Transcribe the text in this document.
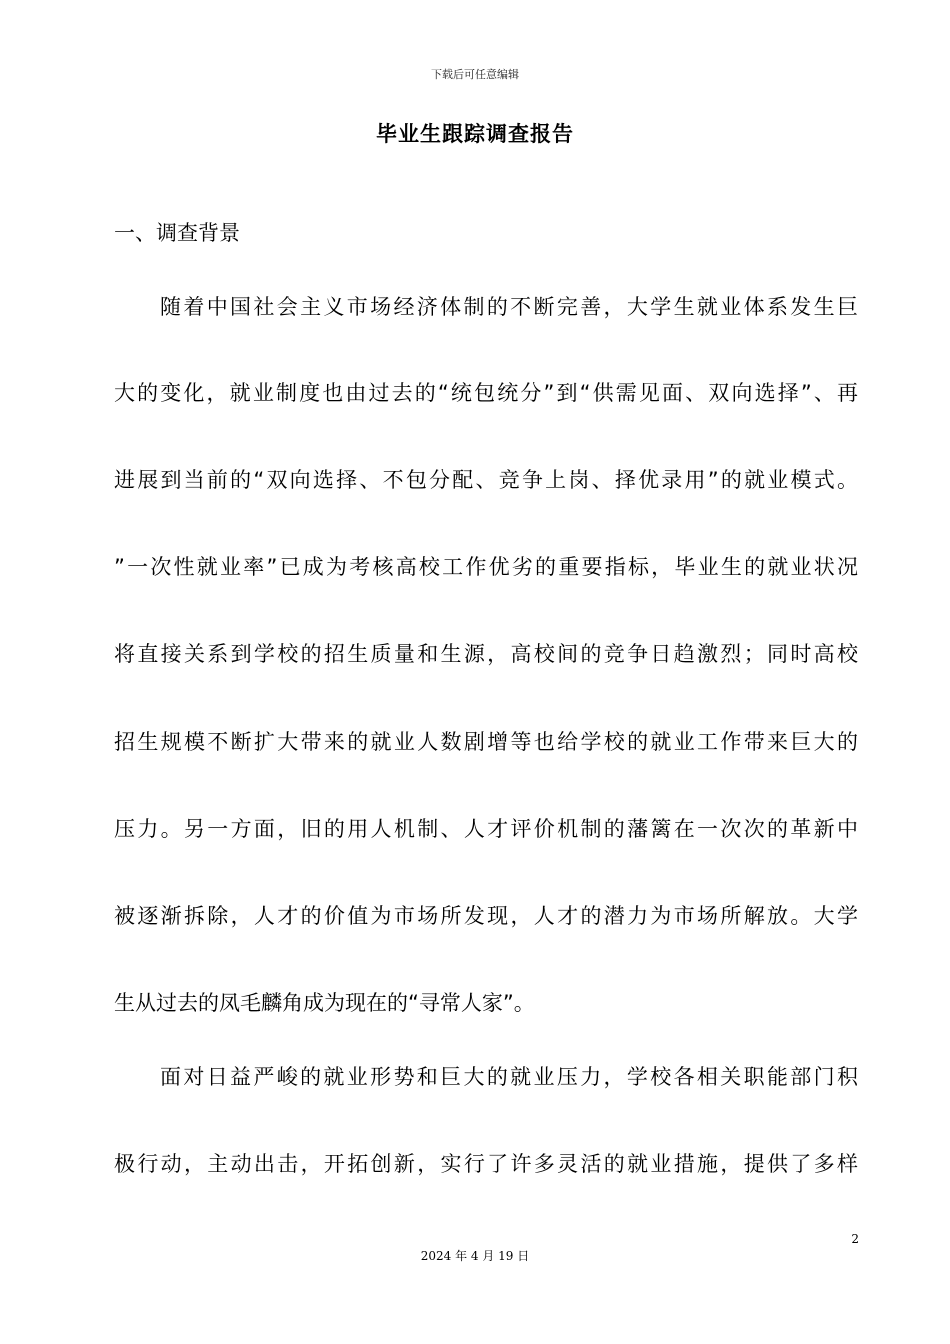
下载后可任意编辑
毕业生跟踪调查报告
一、调查背景
随着中国社会主义市场经济体制的不断完善，大学生就业体系发生巨
大的变化，就业制度也由过去的“统包统分”到“供需见面、双向选择”、再
进展到当前的“双向选择、不包分配、竞争上岗、择优录用”的就业模式。
”一次性就业率”已成为考核高校工作优劣的重要指标，毕业生的就业状况
将直接关系到学校的招生质量和生源，高校间的竞争日趋激烈；同时高校
招生规模不断扩大带来的就业人数剧增等也给学校的就业工作带来巨大的
压力。另一方面，旧的用人机制、人才评价机制的藩篱在一次次的革新中
被逐渐拆除，人才的价值为市场所发现，人才的潜力为市场所解放。大学
生从过去的凤毛麟角成为现在的“寻常人家”。
面对日益严峻的就业形势和巨大的就业压力，学校各相关职能部门积
极行动，主动出击，开拓创新，实行了许多灵活的就业措施，提供了多样
2
2024 年 4 月 19 日
